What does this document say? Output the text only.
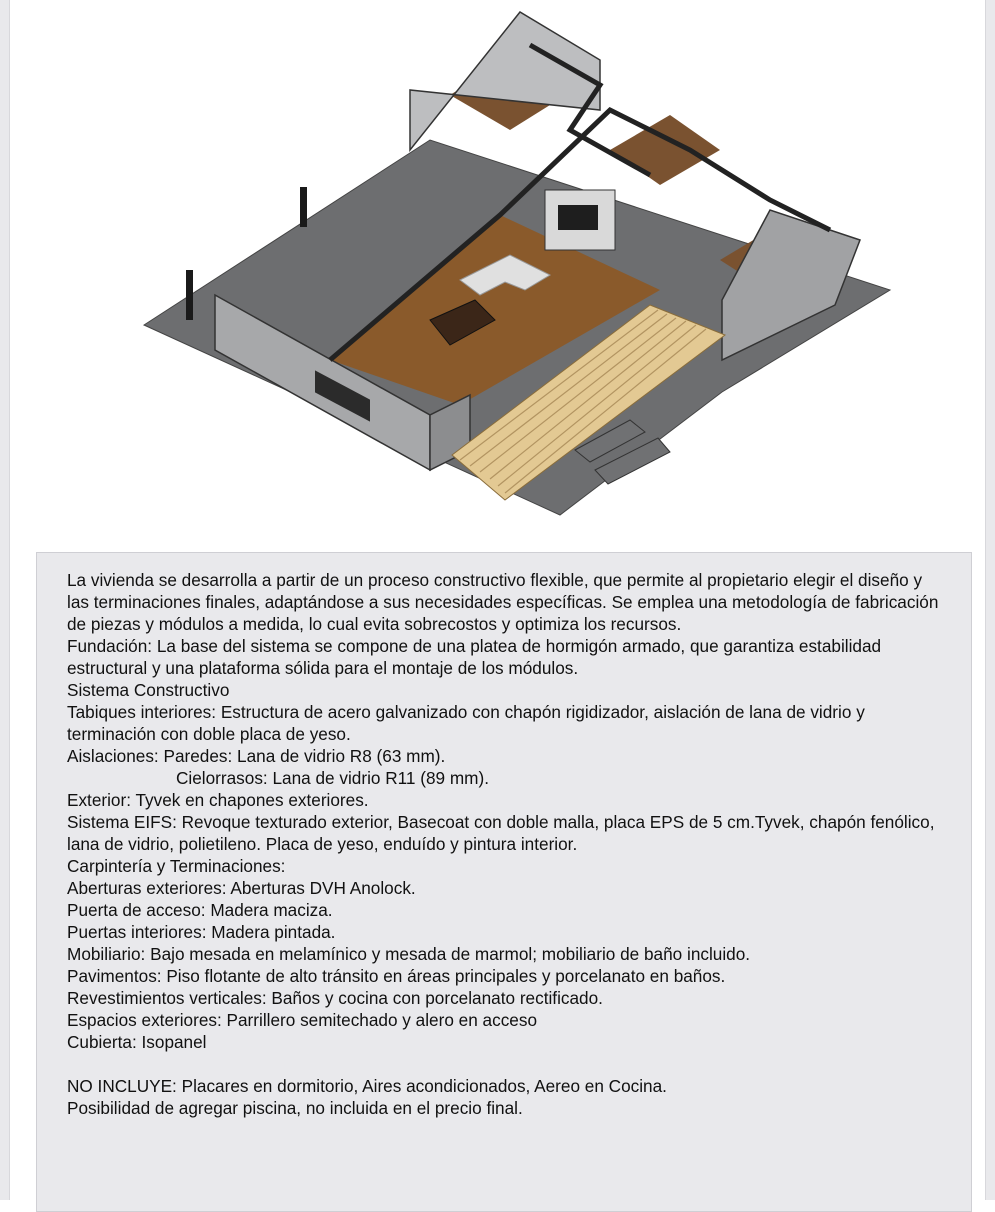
La vivienda se desarrolla a partir de un proceso constructivo flexible, que permite al propietario elegir el diseño y las terminaciones finales, adaptándose a sus necesidades específicas. Se emplea una metodología de fabricación de piezas y módulos a medida, lo cual evita sobrecostos y optimiza los recursos.

Fundación: La base del sistema se compone de una platea de hormigón armado, que garantiza estabilidad estructural y una plataforma sólida para el montaje de los módulos.

Sistema Constructivo

Tabiques interiores: Estructura de acero galvanizado con chapón rigidizador, aislación de lana de vidrio y terminación con doble placa de yeso.

Aislaciones: Paredes: Lana de vidrio R8 (63 mm).

Cielorrasos: Lana de vidrio R11 (89 mm).

Exterior: Tyvek en chapones exteriores.

Sistema EIFS: Revoque texturado exterior, Basecoat con doble malla, placa EPS de 5 cm.Tyvek, chapón fenólico, lana de vidrio, polietileno. Placa de yeso, enduído y pintura interior.

Carpintería y Terminaciones:

Aberturas exteriores: Aberturas DVH Anolock.

Puerta de acceso: Madera maciza.

Puertas interiores: Madera pintada.

Mobiliario: Bajo mesada en melamínico y mesada de marmol; mobiliario de baño incluido.

Pavimentos: Piso flotante de alto tránsito en áreas principales y porcelanato en baños.

Revestimientos verticales: Baños y cocina con porcelanato rectificado.

Espacios exteriores: Parrillero semitechado y alero en acceso

Cubierta: Isopanel

NO INCLUYE: Placares en dormitorio, Aires acondicionados, Aereo en Cocina.

Posibilidad de agregar piscina, no incluida en el precio final.
